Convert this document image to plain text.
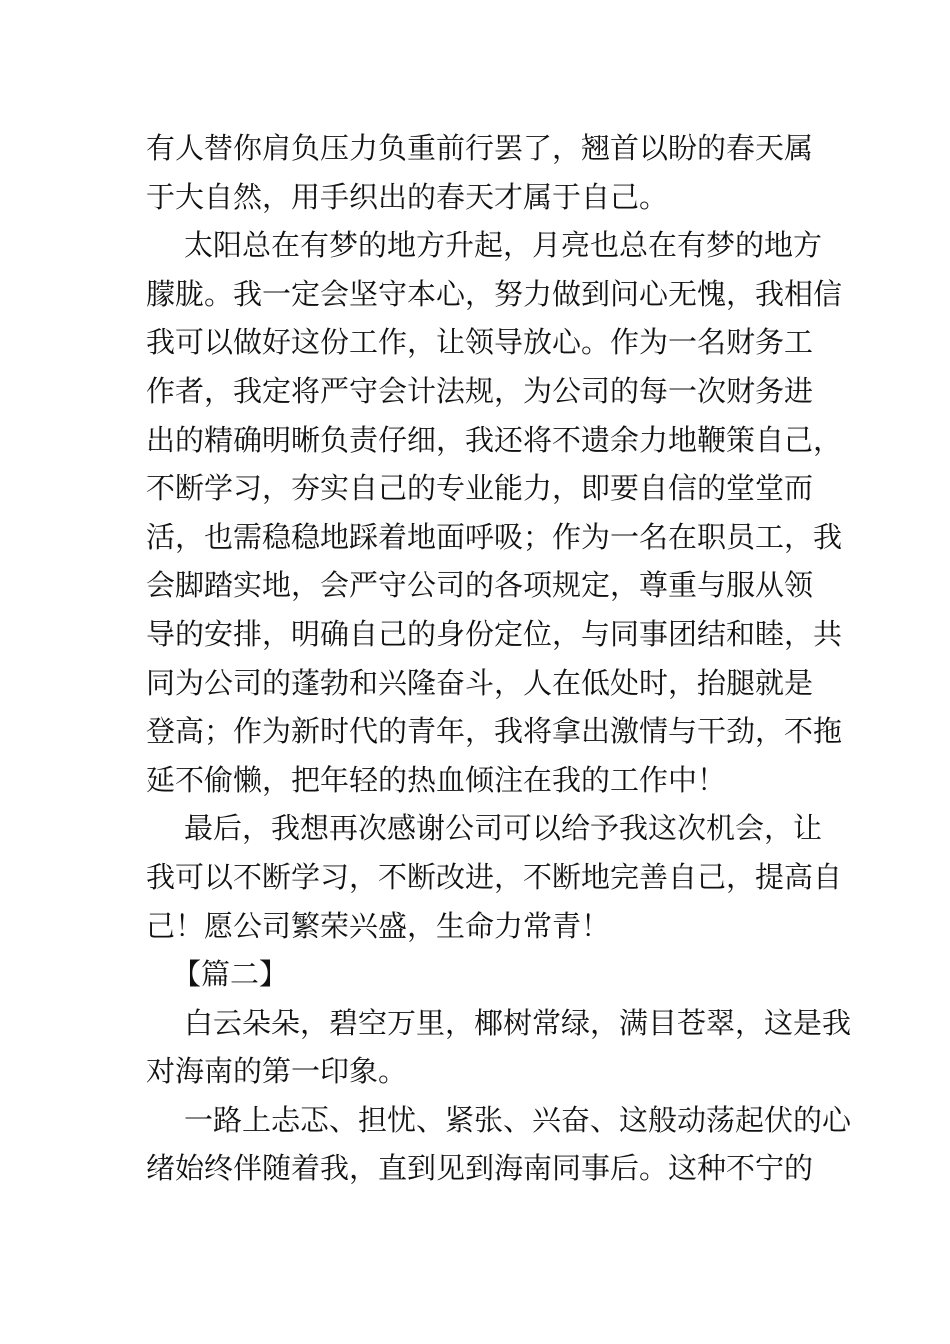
有人替你肩负压力负重前行罢了，翘首以盼的春天属
于大自然，用手织出的春天才属于自己。
太阳总在有梦的地方升起，月亮也总在有梦的地方
朦胧。我一定会坚守本心，努力做到问心无愧，我相信
我可以做好这份工作，让领导放心。作为一名财务工
作者，我定将严守会计法规，为公司的每一次财务进
出的精确明晰负责仔细，我还将不遗余力地鞭策自己，
不断学习，夯实自己的专业能力，即要自信的堂堂而
活，也需稳稳地踩着地面呼吸；作为一名在职员工，我
会脚踏实地，会严守公司的各项规定，尊重与服从领
导的安排，明确自己的身份定位，与同事团结和睦，共
同为公司的蓬勃和兴隆奋斗，人在低处时，抬腿就是
登高；作为新时代的青年，我将拿出激情与干劲，不拖
延不偷懒，把年轻的热血倾注在我的工作中！
最后，我想再次感谢公司可以给予我这次机会，让
我可以不断学习，不断改进，不断地完善自己，提高自
己！愿公司繁荣兴盛，生命力常青！
【篇二】
白云朵朵，碧空万里，椰树常绿，满目苍翠，这是我
对海南的第一印象。
一路上忐忑、担忧、紧张、兴奋、这般动荡起伏的心
绪始终伴随着我，直到见到海南同事后。这种不宁的
